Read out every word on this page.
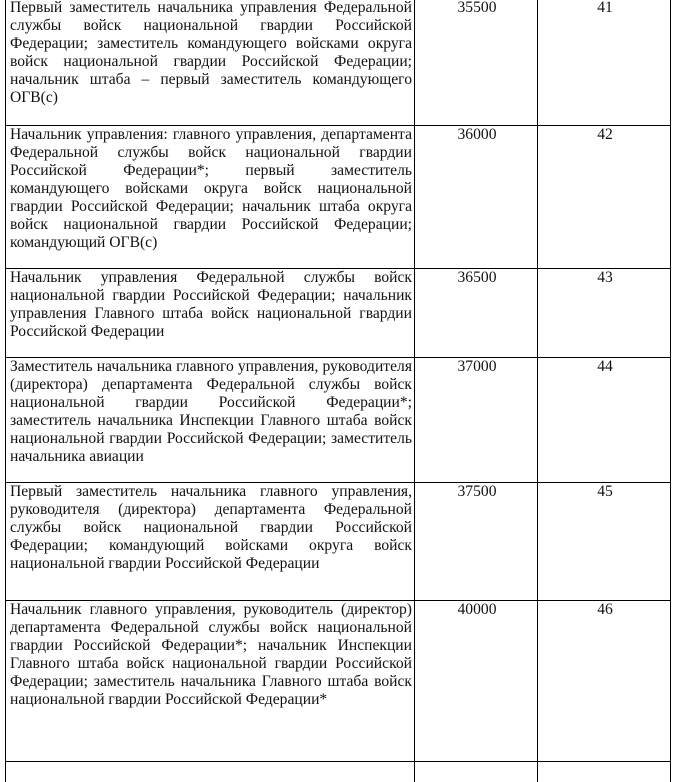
Первый заместитель начальника управления Федеральной службы войск национальной гвардии Российской Федерации; заместитель командующего войсками округа войск национальной гвардии Российской Федерации; начальник штаба – первый заместитель командующего ОГВ(с)	35500	41
Начальник управления: главного управления, департамента Федеральной службы войск национальной гвардии Российской Федерации*; первый заместитель командующего войсками округа войск национальной гвардии Российской Федерации; начальник штаба округа войск национальной гвардии Российской Федерации; командующий ОГВ(с)	36000	42
Начальник управления Федеральной службы войск национальной гвардии Российской Федерации; начальник управления Главного штаба войск национальной гвардии Российской Федерации	36500	43
Заместитель начальника главного управления, руководителя (директора) департамента Федеральной службы войск национальной гвардии Российской Федерации*; заместитель начальника Инспекции Главного штаба войск национальной гвардии Российской Федерации; заместитель начальника авиации	37000	44
Первый заместитель начальника главного управления, руководителя (директора) департамента Федеральной службы войск национальной гвардии Российской Федерации; командующий войсками округа войск национальной гвардии Российской Федерации	37500	45
Начальник главного управления, руководитель (директор) департамента Федеральной службы войск национальной гвардии Российской Федерации*; начальник Инспекции Главного штаба войск национальной гвардии Российской Федерации; заместитель начальника Главного штаба войск национальной гвардии Российской Федерации*	40000	46
